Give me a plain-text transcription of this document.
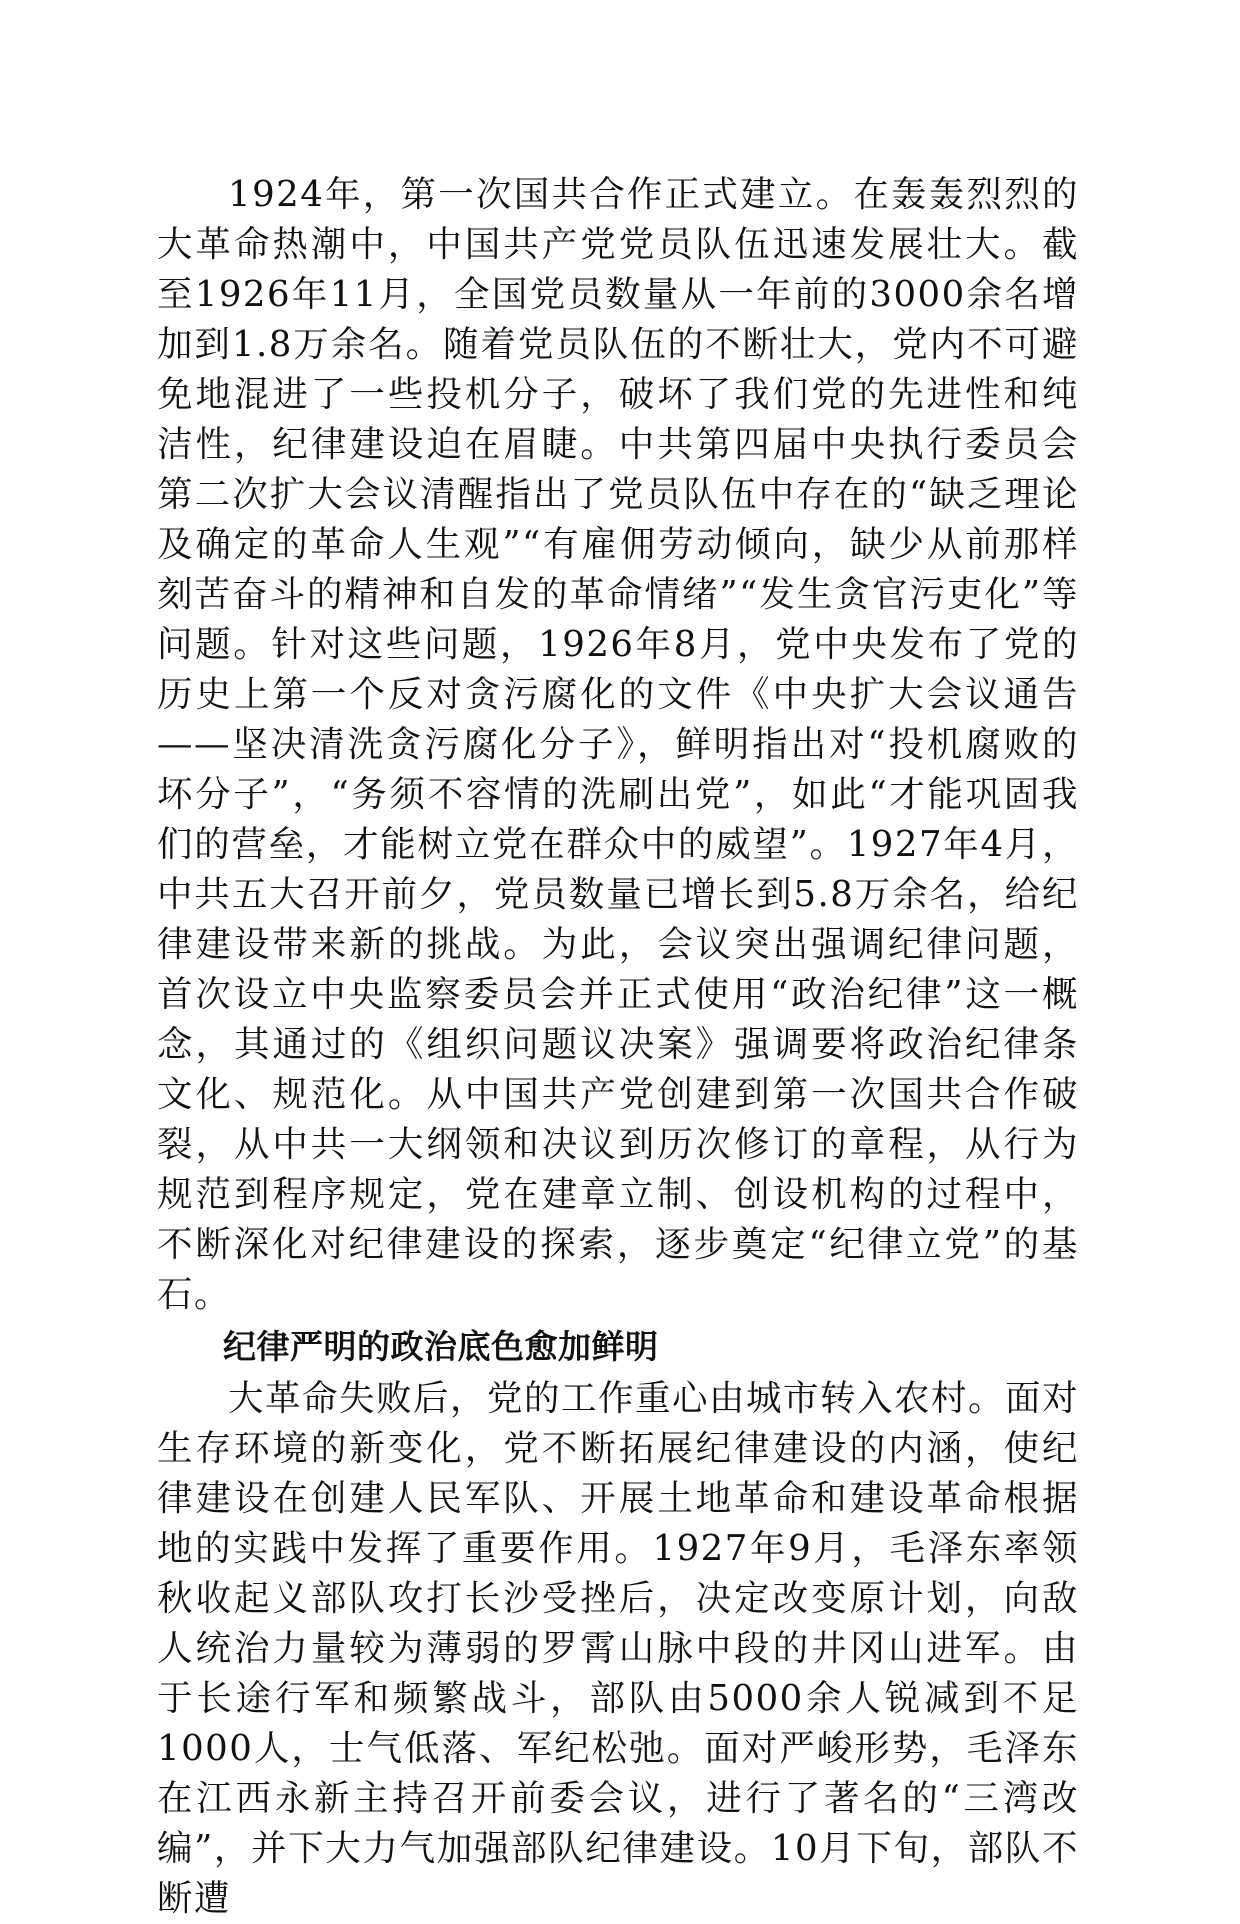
1924年，第一次国共合作正式建立。在轰轰烈烈的大革命热潮中，中国共产党党员队伍迅速发展壮大。截至1926年11月，全国党员数量从一年前的3000余名增加到1.8万余名。随着党员队伍的不断壮大，党内不可避免地混进了一些投机分子，破坏了我们党的先进性和纯洁性，纪律建设迫在眉睫。中共第四届中央执行委员会第二次扩大会议清醒指出了党员队伍中存在的“缺乏理论及确定的革命人生观”“有雇佣劳动倾向，缺少从前那样刻苦奋斗的精神和自发的革命情绪”“发生贪官污吏化”等问题。针对这些问题，1926年8月，党中央发布了党的历史上第一个反对贪污腐化的文件《中央扩大会议通告——坚决清洗贪污腐化分子》，鲜明指出对“投机腐败的坏分子”，“务须不容情的洗刷出党”，如此“才能巩固我们的营垒，才能树立党在群众中的威望”。1927年4月，中共五大召开前夕，党员数量已增长到5.8万余名，给纪律建设带来新的挑战。为此，会议突出强调纪律问题，首次设立中央监察委员会并正式使用“政治纪律”这一概念，其通过的《组织问题议决案》强调要将政治纪律条文化、规范化。从中国共产党创建到第一次国共合作破裂，从中共一大纲领和决议到历次修订的章程，从行为规范到程序规定，党在建章立制、创设机构的过程中，不断深化对纪律建设的探索，逐步奠定“纪律立党”的基石。

纪律严明的政治底色愈加鲜明

大革命失败后，党的工作重心由城市转入农村。面对生存环境的新变化，党不断拓展纪律建设的内涵，使纪律建设在创建人民军队、开展土地革命和建设革命根据地的实践中发挥了重要作用。1927年9月，毛泽东率领秋收起义部队攻打长沙受挫后，决定改变原计划，向敌人统治力量较为薄弱的罗霄山脉中段的井冈山进军。由于长途行军和频繁战斗，部队由5000余人锐减到不足1000人，士气低落、军纪松弛。面对严峻形势，毛泽东在江西永新主持召开前委会议，进行了著名的“三湾改编”，并下大力气加强部队纪律建设。10月下旬，部队不断遭
